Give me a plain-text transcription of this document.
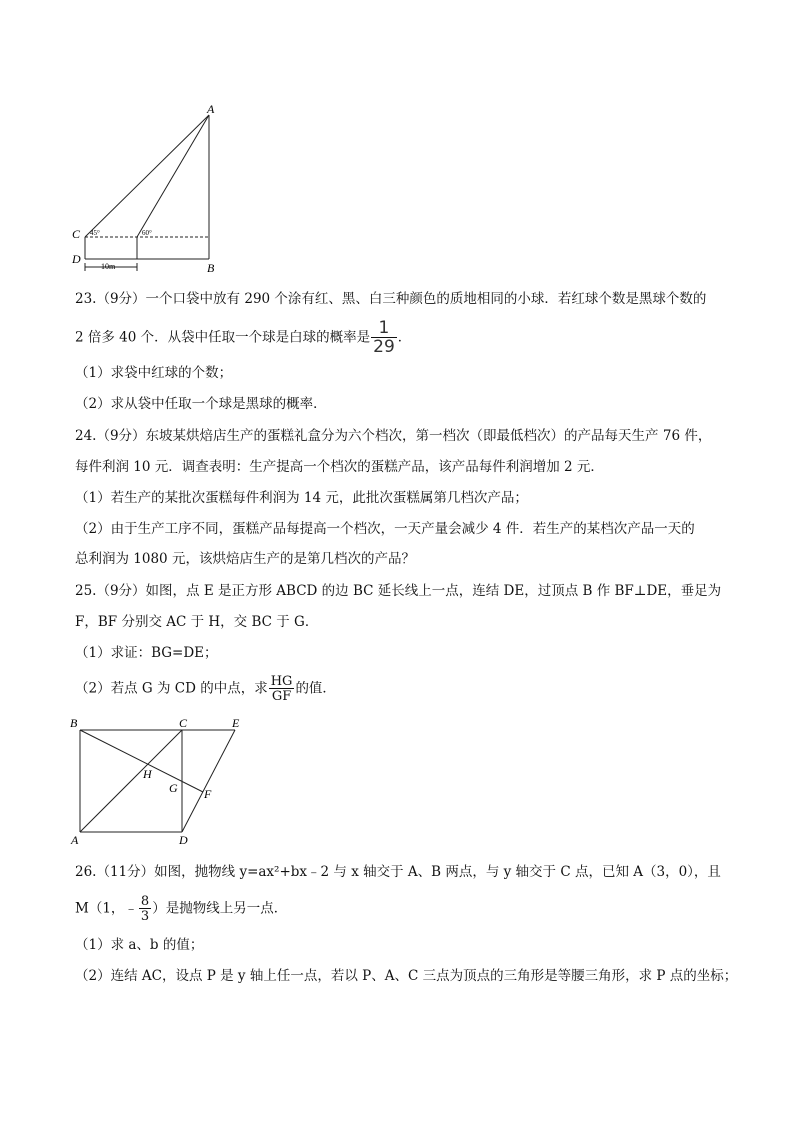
A
C
D
B
45°	60°
10m
23.（9分）一个口袋中放有 290 个涂有红、黑、白三种颜色的质地相同的小球．若红球个数是黑球个数的
2 倍多 40 个．从袋中任取一个球是白球的概率是 $\frac{1}{29}$ ．
（1）求袋中红球的个数；
（2）求从袋中任取一个球是黑球的概率．
24.（9分）东坡某烘焙店生产的蛋糕礼盒分为六个档次，第一档次（即最低档次）的产品每天生产 76 件，
每件利润 10 元．调查表明：生产提高一个档次的蛋糕产品，该产品每件利润增加 2 元．
（1）若生产的某批次蛋糕每件利润为 14 元，此批次蛋糕属第几档次产品；
（2）由于生产工序不同，蛋糕产品每提高一个档次，一天产量会减少 4 件．若生产的某档次产品一天的
总利润为 1080 元，该烘焙店生产的是第几档次的产品？
25.（9分）如图，点 E 是正方形 ABCD 的边 BC 延长线上一点，连结 DE，过顶点 B 作 BF⊥DE，垂足为
F，BF 分别交 AC 于 H，交 BC 于 G．
（1）求证：BG=DE；
（2）若点 G 为 CD 的中点，求 $\frac{HG}{GF}$ 的值．
B	C	E
A	D
H
G F
26.（11分）如图，抛物线 y=ax²+bx﹣2 与 x 轴交于 A、B 两点，与 y 轴交于 C 点，已知 A（3，0），且
M（1，﹣ $\frac{8}{3}$ ）是抛物线上另一点．
（1）求 a、b 的值；
（2）连结 AC，设点 P 是 y 轴上任一点，若以 P、A、C 三点为顶点的三角形是等腰三角形，求 P 点的坐标；
